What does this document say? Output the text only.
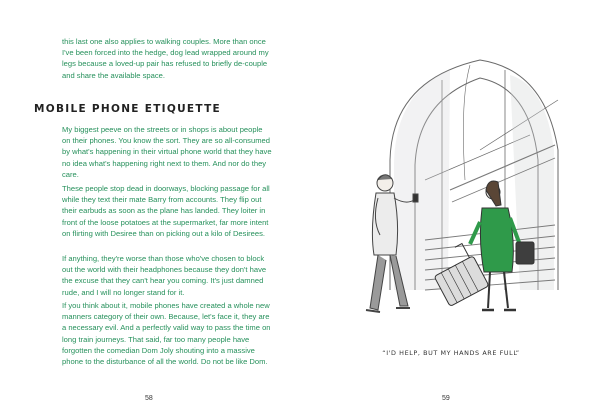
this last one also applies to walking couples. More than once I've been forced into the hedge, dog lead wrapped around my legs because a loved-up pair has refused to briefly de-couple and share the available space.

MOBILE PHONE ETIQUETTE

My biggest peeve on the streets or in shops is about people on their phones. You know the sort. They are so all-consumed by what's happening in their virtual phone world that they have no idea what's happening right next to them. And nor do they care.

These people stop dead in doorways, blocking passage for all while they text their mate Barry from accounts. They flip out their earbuds as soon as the plane has landed. They loiter in front of the loose potatoes at the supermarket, far more intent on flirting with Desiree than on picking out a kilo of Desirees.

If anything, they're worse than those who've chosen to block out the world with their headphones because they don't have the excuse that they can't hear you coming. It's just damned rude, and I will no longer stand for it.

If you think about it, mobile phones have created a whole new manners category of their own. Because, let's face it, they are a necessary evil. And a perfectly valid way to pass the time on long train journeys. That said, far too many people have forgotten the comedian Dom Joly shouting into a massive phone to the disturbance of all the world. Do not be like Dom.

58

“I'D HELP, BUT MY HANDS ARE FULL”

59
